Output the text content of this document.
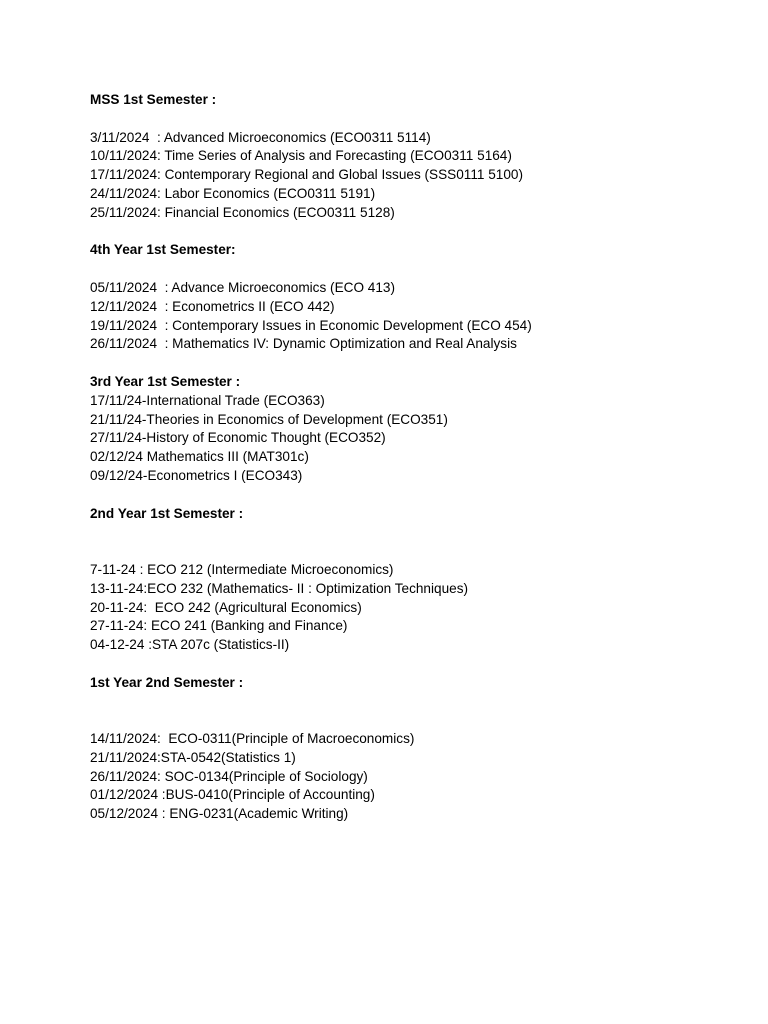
MSS 1st Semester :

3/11/2024  : Advanced Microeconomics (ECO0311 5114)

10/11/2024: Time Series of Analysis and Forecasting (ECO0311 5164)

17/11/2024: Contemporary Regional and Global Issues (SSS0111 5100)

24/11/2024: Labor Economics (ECO0311 5191)

25/11/2024: Financial Economics (ECO0311 5128)

4th Year 1st Semester:

05/11/2024  : Advance Microeconomics (ECO 413)

12/11/2024  : Econometrics II (ECO 442)

19/11/2024  : Contemporary Issues in Economic Development (ECO 454)

26/11/2024  : Mathematics IV: Dynamic Optimization and Real Analysis

3rd Year 1st Semester :

17/11/24-International Trade (ECO363)

21/11/24-Theories in Economics of Development (ECO351)

27/11/24-History of Economic Thought (ECO352)

02/12/24 Mathematics III (MAT301c)

09/12/24-Econometrics I (ECO343)

2nd Year 1st Semester :

7-11-24 : ECO 212 (Intermediate Microeconomics)

13-11-24:ECO 232 (Mathematics- II : Optimization Techniques)

20-11-24:  ECO 242 (Agricultural Economics)

27-11-24: ECO 241 (Banking and Finance)

04-12-24 :STA 207c (Statistics-II)

1st Year 2nd Semester :

14/11/2024:  ECO-0311(Principle of Macroeconomics)

21/11/2024:STA-0542(Statistics 1)

26/11/2024: SOC-0134(Principle of Sociology)

01/12/2024 :BUS-0410(Principle of Accounting)

05/12/2024 : ENG-0231(Academic Writing)
